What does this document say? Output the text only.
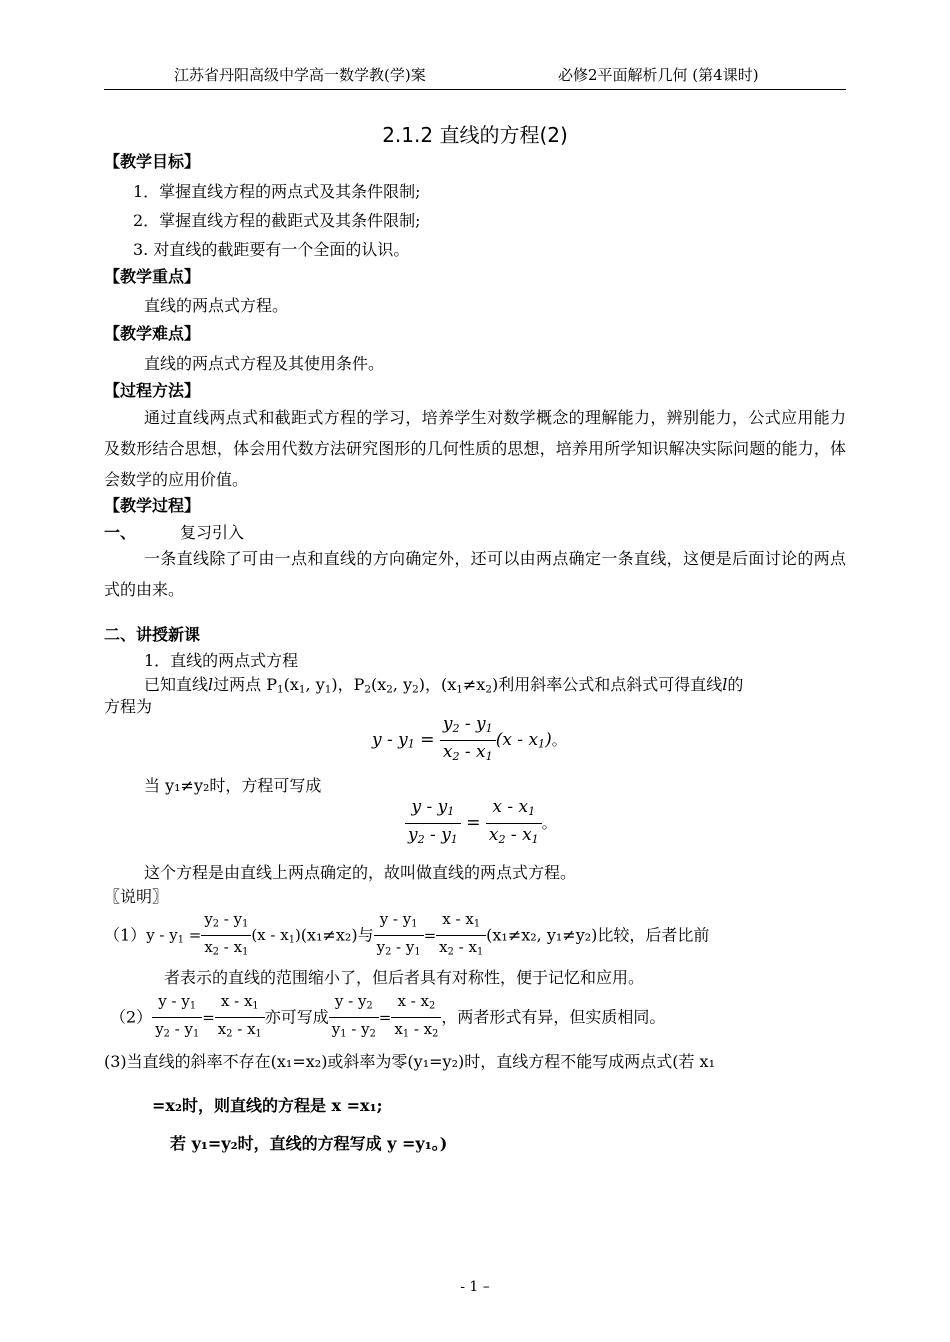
江苏省丹阳高级中学高一数学教(学)案	必修2平面解析几何 (第4课时)
2.1.2 直线的方程(2)
【教学目标】
1．掌握直线方程的两点式及其条件限制;
2．掌握直线方程的截距式及其条件限制;
3. 对直线的截距要有一个全面的认识。
【教学重点】
直线的两点式方程。
【教学难点】
直线的两点式方程及其使用条件。
【过程方法】
通过直线两点式和截距式方程的学习，培养学生对数学概念的理解能力，辨别能力，公式应用能力及数形结合思想，体会用代数方法研究图形的几何性质的思想，培养用所学知识解决实际问题的能力，体会数学的应用价值。
【教学过程】
一、	复习引入
一条直线除了可由一点和直线的方向确定外，还可以由两点确定一条直线，这便是后面讨论的两点式的由来。
二、讲授新课
1．直线的两点式方程
已知直线l过两点 $P_1(x_1$, $y_1$)，$P_2(x_2$, $y_2$)，$(x_1\ne x_2)$利用斜率公式和点斜式可得直线l的
方程为
$y - y_1 = \frac{y_2 - y_1}{x_2 - x_1} (x - x_1)$。
当 y₁≠y₂时，方程可写成
$\frac{y - y_1}{y_2 - y_1} = \frac{x - x_1}{x_2 - x_1}$ 。
这个方程是由直线上两点确定的，故叫做直线的两点式方程。
〖说明〗
$(1)y - y_1 = \frac{y_2 - y_1}{x_2 - x_1} (x - x_1)(x_1\ne x_2)$与 $\frac{y - y_1}{y_2 - y_1} = \frac{x - x_1}{x_2 - x_1} (x_1\ne x_2$, y₁≠y₂)比较，后者比前
者表示的直线的范围缩小了，但后者具有对称性，便于记忆和应用。
$(2) \frac{y - y_1}{y_2 - y_1} = \frac{x - x_1}{x_2 - x_1}$ 亦可写成 $\frac{y - y_2}{y_1 - y_2} = \frac{x - x_2}{x_1 - x_2}$ ，两者形式有异，但实质相同。
(3)当直线的斜率不存在(x₁=x₂)或斜率为零(y₁=y₂)时，直线方程不能写成两点式(若 x₁
=x₂时，则直线的方程是 x =x₁;
若 y₁=y₂时，直线的方程写成 y =y₁。)
- 1 –
